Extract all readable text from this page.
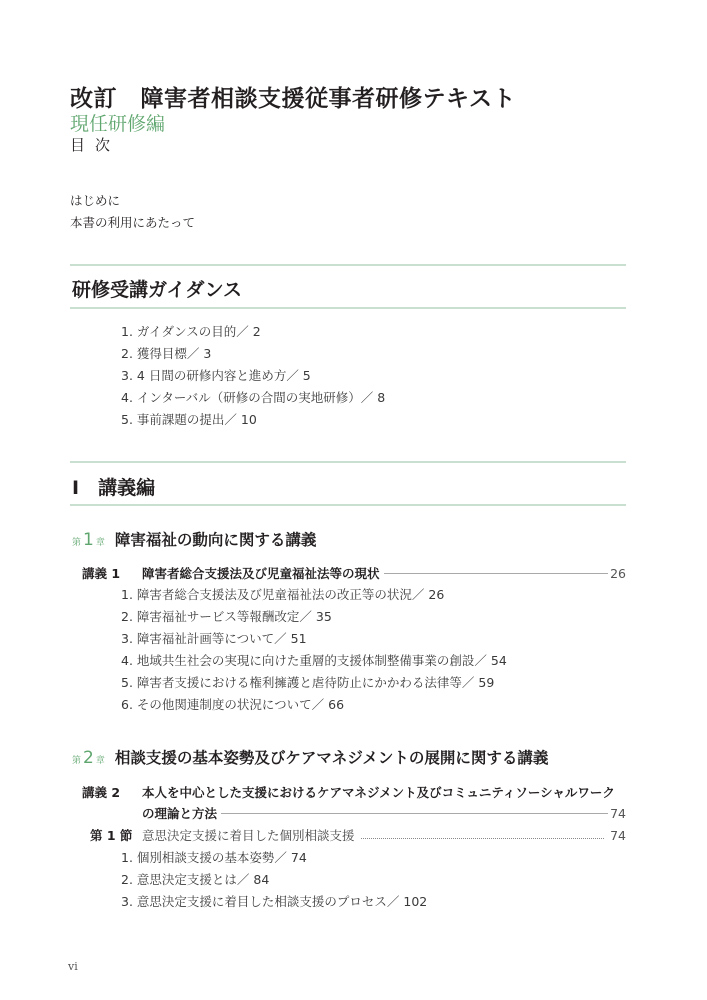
改訂　障害者相談支援従事者研修テキスト
現任研修編
目次
はじめに
本書の利用にあたって
研修受講ガイダンス
1. ガイダンスの目的／ 2
2. 獲得目標／ 3
3. 4 日間の研修内容と進め方／ 5
4. インターバル（研修の合間の実地研修）／ 8
5. 事前課題の提出／ 10
I　講義編
第 1 章 障害福祉の動向に関する講義
講義 1	障害者総合支援法及び児童福祉法等の現状	26
1. 障害者総合支援法及び児童福祉法の改正等の状況／ 26
2. 障害福祉サービス等報酬改定／ 35
3. 障害福祉計画等について／ 51
4. 地域共生社会の実現に向けた重層的支援体制整備事業の創設／ 54
5. 障害者支援における権利擁護と虐待防止にかかわる法律等／ 59
6. その他関連制度の状況について／ 66
第 2 章 相談支援の基本姿勢及びケアマネジメントの展開に関する講義
講義 2 本人を中心とした支援におけるケアマネジメント及びコミュニティソーシャルワーク
の理論と方法	74
第 1 節 意思決定支援に着目した個別相談支援	74
1. 個別相談支援の基本姿勢／ 74
2. 意思決定支援とは／ 84
3. 意思決定支援に着目した相談支援のプロセス／ 102
vi
